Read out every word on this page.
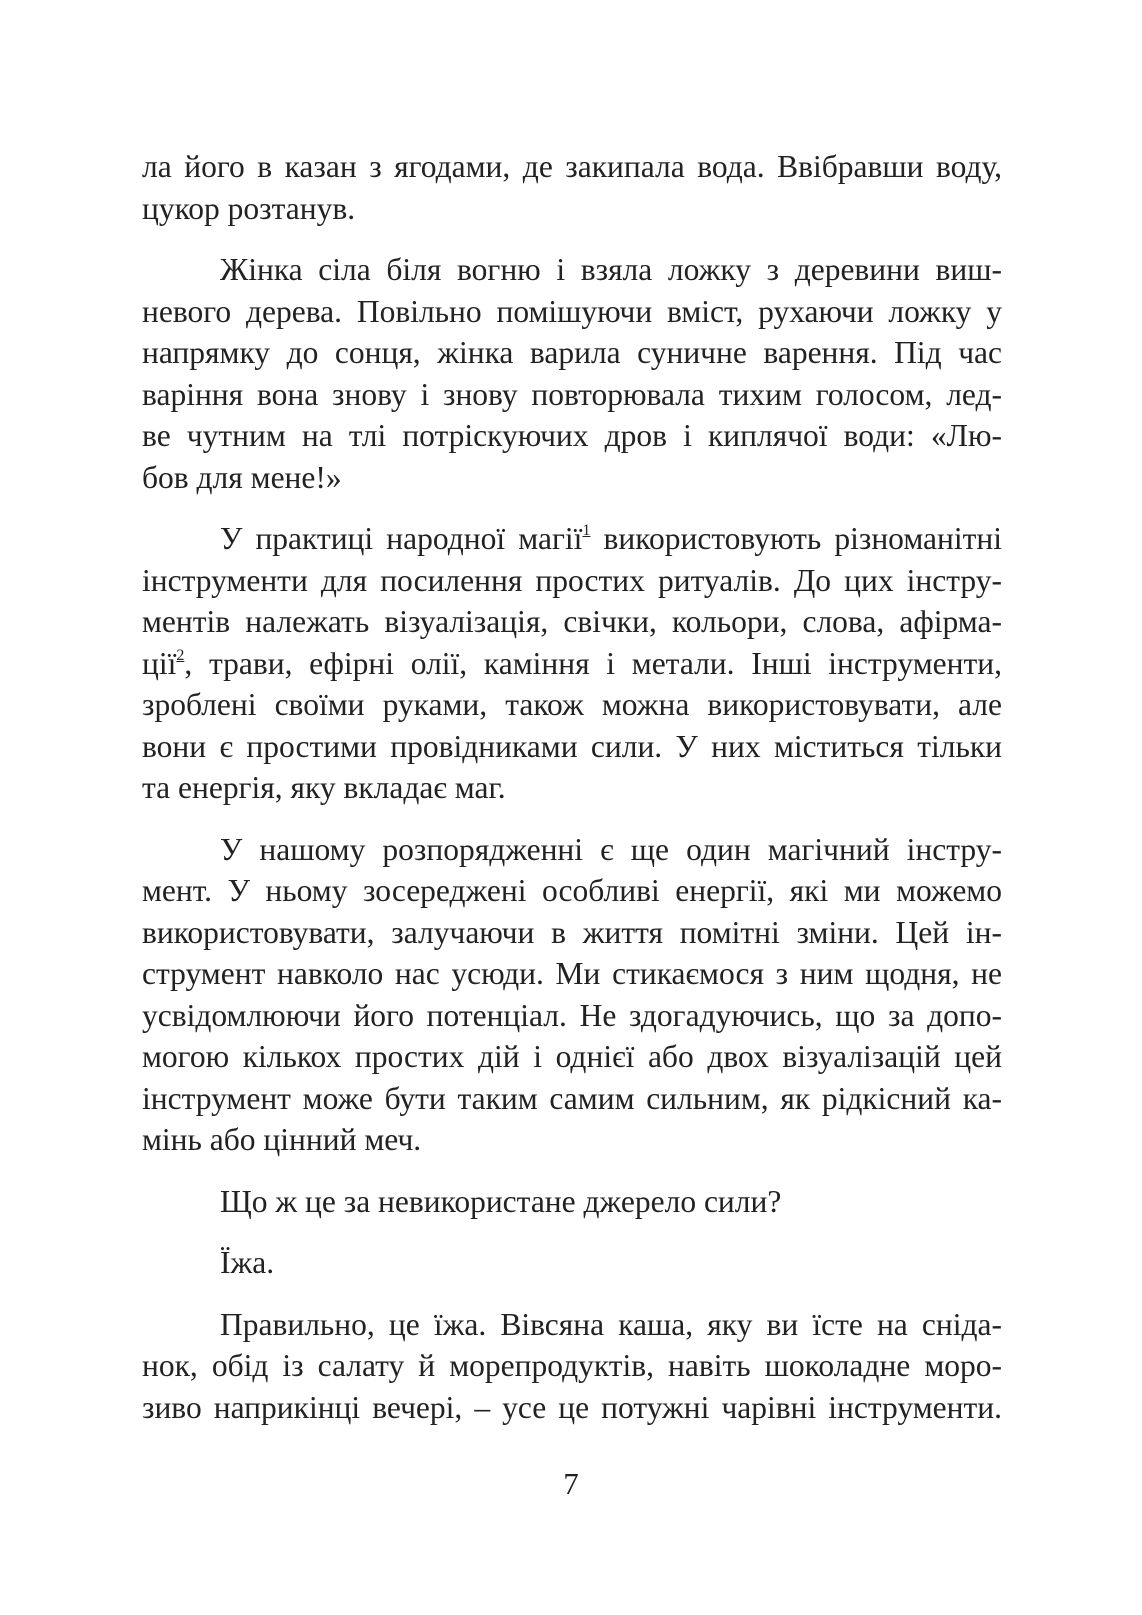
ла його в казан з ягодами, де закипала вода. Ввібравши воду,
цукор розтанув.
Жінка сіла біля вогню і взяла ложку з деревини виш-
невого дерева. Повільно помішуючи вміст, рухаючи ложку у
напрямку до сонця, жінка варила суничне варення. Під час
варіння вона знову і знову повторювала тихим голосом, лед-
ве чутним на тлі потріскуючих дров і киплячої води: «Лю-
бов для мене!»
У практиці народної магії$^1$ використовують різноманітні
інструменти для посилення простих ритуалів. До цих інстру-
ментів належать візуалізація, свічки, кольори, слова, афірма-
ції$^2$, трави, ефірні олії, каміння і метали. Інші інструменти,
зроблені своїми руками, також можна використовувати, але
вони є простими провідниками сили. У них міститься тільки
та енергія, яку вкладає маг.
У нашому розпорядженні є ще один магічний інстру-
мент. У ньому зосереджені особливі енергії, які ми можемо
використовувати, залучаючи в життя помітні зміни. Цей ін-
струмент навколо нас усюди. Ми стикаємося з ним щодня, не
усвідомлюючи його потенціал. Не здогадуючись, що за допо-
могою кількох простих дій і однієї або двох візуалізацій цей
інструмент може бути таким самим сильним, як рідкісний ка-
мінь або цінний меч.
Що ж це за невикористане джерело сили?
Їжа.
Правильно, це їжа. Вівсяна каша, яку ви їсте на сніда-
нок, обід із салату й морепродуктів, навіть шоколадне моро-
зиво наприкінці вечері, – усе це потужні чарівні інструменти.
7
